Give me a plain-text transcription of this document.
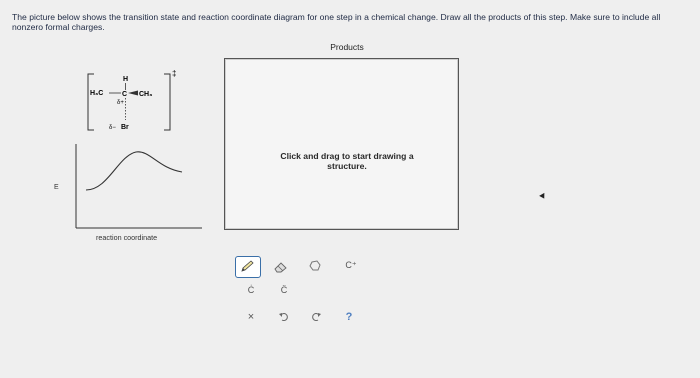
The picture below shows the transition state and reaction coordinate diagram for one step in a chemical change. Draw all the products of this step. Make sure to include all nonzero formal charges.
‡
H
H₃C	C CH₃
δ+
δ− Br
E
reaction coordinate
Products
Click and drag to start drawing a structure.
C⁺
Ċ	C̈
×	?
